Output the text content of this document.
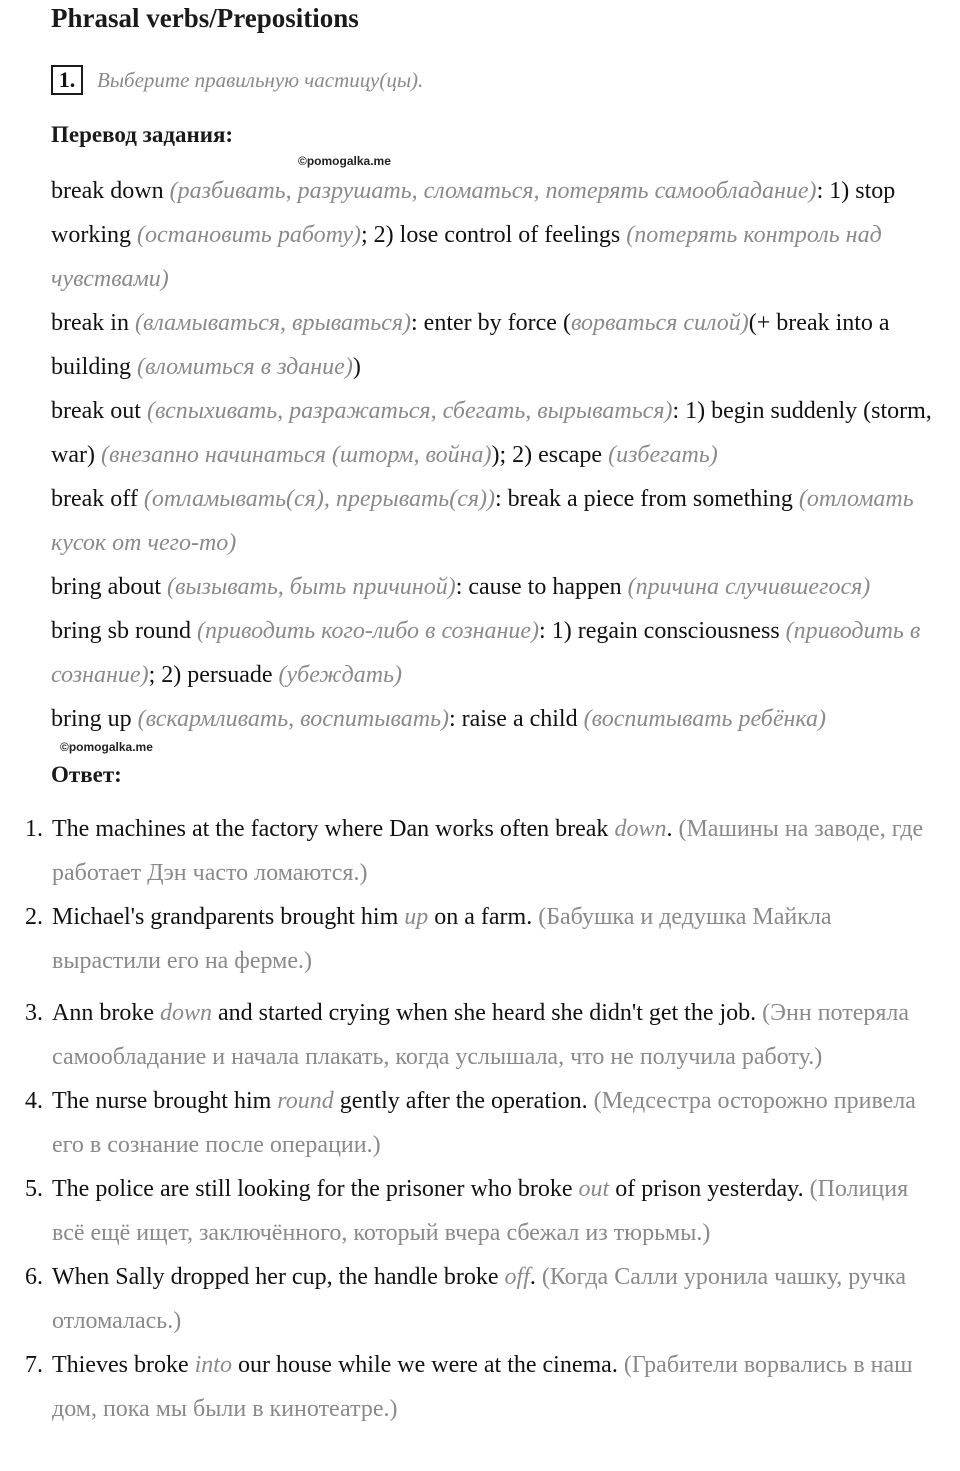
Phrasal verbs/Prepositions
1.	Выберите правильную частицу(цы).
Перевод задания:
©pomogalka.me
break down (разбивать, разрушать, сломаться, потерять самообладание): 1) stop working (остановить работу); 2) lose control of feelings (потерять контроль над чувствами)
break in (вламываться, врываться): enter by force (ворваться силой)(+ break into a building (вломиться в здание))
break out (вспыхивать, разражаться, сбегать, вырываться): 1) begin suddenly (storm, war) (внезапно начинаться (шторм, война)); 2) escape (избегать)
break off (отламывать(ся), прерывать(ся)): break a piece from something (отломать кусок от чего-то)
bring about (вызывать, быть причиной): cause to happen (причина случившегося)
bring sb round (приводить кого-либо в сознание): 1) regain consciousness (приводить в сознание); 2) persuade (убеждать)
bring up (вскармливать, воспитывать): raise a child (воспитывать ребёнка)
©pomogalka.me
Ответ:
1. The machines at the factory where Dan works often break down. (Машины на заводе, где работает Дэн часто ломаются.)
2. Michael's grandparents brought him up on a farm. (Бабушка и дедушка Майкла вырастили его на ферме.)
3. Ann broke down and started crying when she heard she didn't get the job. (Энн потеряла самообладание и начала плакать, когда услышала, что не получила работу.)
4. The nurse brought him round gently after the operation. (Медсестра осторожно привела его в сознание после операции.)
5. The police are still looking for the prisoner who broke out of prison yesterday. (Полиция всё ещё ищет, заключённого, который вчера сбежал из тюрьмы.)
6. When Sally dropped her cup, the handle broke off. (Когда Салли уронила чашку, ручка отломалась.)
7. Thieves broke into our house while we were at the cinema. (Грабители ворвались в наш дом, пока мы были в кинотеатре.)
